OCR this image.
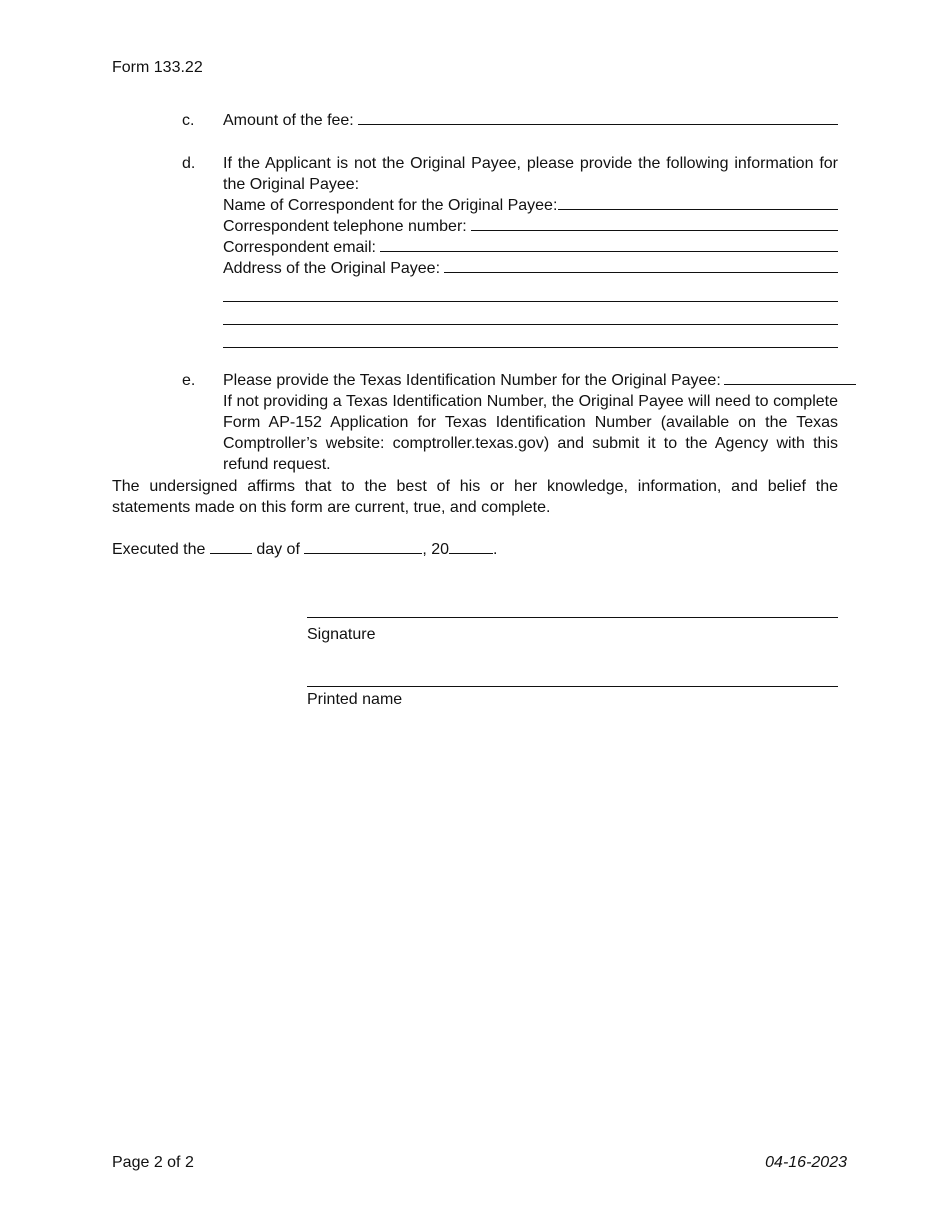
Form 133.22
c. Amount of the fee:
d. If the Applicant is not the Original Payee, please provide the following information for the Original Payee:
Name of Correspondent for the Original Payee:
Correspondent telephone number:
Correspondent email:
Address of the Original Payee:
e. Please provide the Texas Identification Number for the Original Payee:
If not providing a Texas Identification Number, the Original Payee will need to complete Form AP-152 Application for Texas Identification Number (available on the Texas Comptroller’s website: comptroller.texas.gov) and submit it to the Agency with this refund request.
The undersigned affirms that to the best of his or her knowledge, information, and belief the statements made on this form are current, true, and complete.
Executed the	day of	, 20	.
Signature
Printed name
Page 2 of 2	04-16-2023
